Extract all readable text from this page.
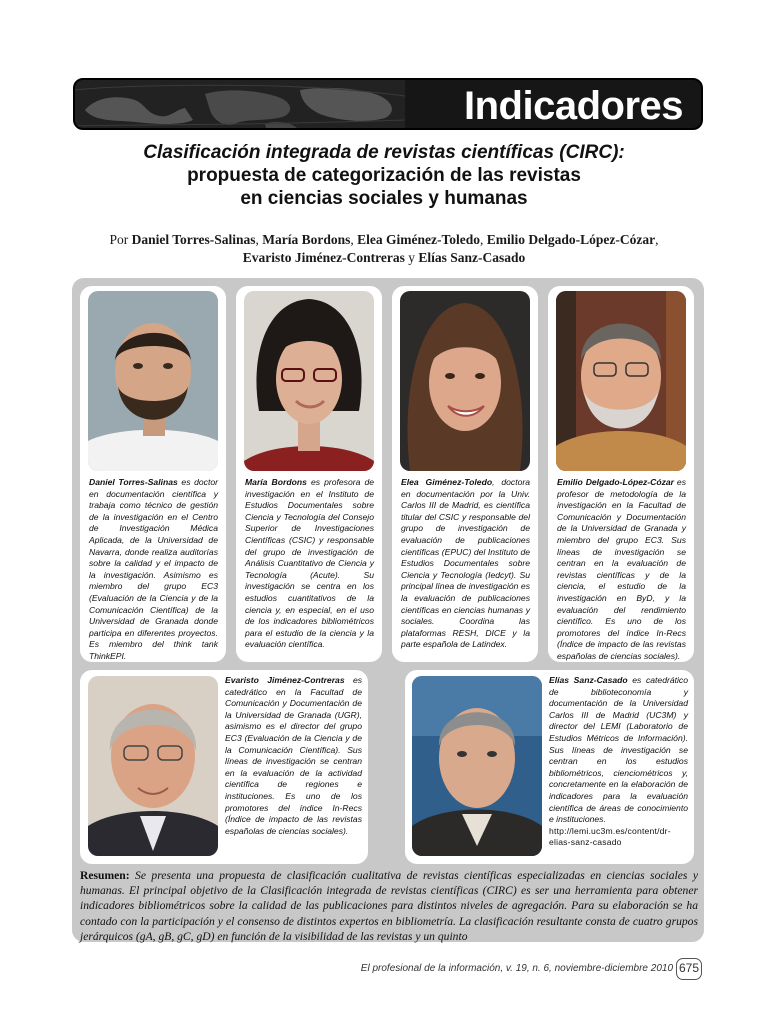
Indicadores
Clasificación integrada de revistas científicas (CIRC):
propuesta de categorización de las revistas
en ciencias sociales y humanas
Por Daniel Torres-Salinas, María Bordons, Elea Giménez-Toledo, Emilio Delgado-López-Cózar,
Evaristo Jiménez-Contreras y Elías Sanz-Casado
Daniel Torres-Salinas es doctor en documentación científica y trabaja como técnico de gestión de la investigación en el Centro de Investigación Médica Aplicada, de la Universidad de Navarra, donde realiza auditorías sobre la calidad y el impacto de la investigación. Asimismo es miembro del grupo EC3 (Evaluación de la Ciencia y de la Comunicación Científica) de la Universidad de Granada donde participa en diferentes proyectos. Es miembro del think tank ThinkEPI.
María Bordons es profesora de investigación en el Instituto de Estudios Documentales sobre Ciencia y Tecnología del Consejo Superior de Investigaciones Científicas (CSIC) y responsable del grupo de investigación de Análisis Cuantitativo de Ciencia y Tecnología (Acute). Su investigación se centra en los estudios cuantitativos de la ciencia y, en especial, en el uso de los indicadores bibliométricos para el estudio de la ciencia y la evaluación científica.
Elea Giménez-Toledo, doctora en documentación por la Univ. Carlos III de Madrid, es científica titular del CSIC y responsable del grupo de investigación de evaluación de publicaciones científicas (EPUC) del Instituto de Estudios Documentales sobre Ciencia y Tecnología (Iedcyt). Su principal línea de investigación es la evaluación de publicaciones científicas en ciencias humanas y sociales. Coordina las plataformas RESH, DICE y la parte española de Latindex.
Emilio Delgado-López-Cózar es profesor de metodología de la investigación en la Facultad de Comunicación y Documentación de la Universidad de Granada y miembro del grupo EC3. Sus líneas de investigación se centran en la evaluación de revistas científicas y de la ciencia, el estudio de la investigación en ByD, y la evaluación del rendimiento científico. Es uno de los promotores del índice In-Recs (Índice de impacto de las revistas españolas de ciencias sociales).
Evaristo Jiménez-Contreras es catedrático en la Facultad de Comunicación y Documentación de la Universidad de Granada (UGR), asimismo es el director del grupo EC3 (Evaluación de la Ciencia y de la Comunicación Científica). Sus líneas de investigación se centran en la evaluación de la actividad científica de regiones e instituciones. Es uno de los promotores del índice In-Recs (Índice de impacto de las revistas españolas de ciencias sociales).
Elías Sanz-Casado es catedrático de biblioteconomía y documentación de la Universidad Carlos III de Madrid (UC3M) y director del LEMI (Laboratorio de Estudios Métricos de Información). Sus líneas de investigación se centran en los estudios bibliométricos, cienciométricos y, concretamente en la elaboración de indicadores para la evaluación científica de áreas de conocimiento e instituciones.
http://lemi.uc3m.es/content/dr-elias-sanz-casado
Resumen: Se presenta una propuesta de clasificación cualitativa de revistas científicas especializadas en ciencias sociales y humanas. El principal objetivo de la Clasificación integrada de revistas científicas (CIRC) es ser una herramienta para obtener indicadores bibliométricos sobre la calidad de las publicaciones para distintos niveles de agregación. Para su elaboración se ha contado con la participación y el consenso de distintos expertos en bibliometría. La clasificación resultante consta de cuatro grupos jerárquicos (gA, gB, gC, gD) en función de la visibilidad de las revistas y un quinto
El profesional de la información, v. 19, n. 6, noviembre-diciembre 2010 675
